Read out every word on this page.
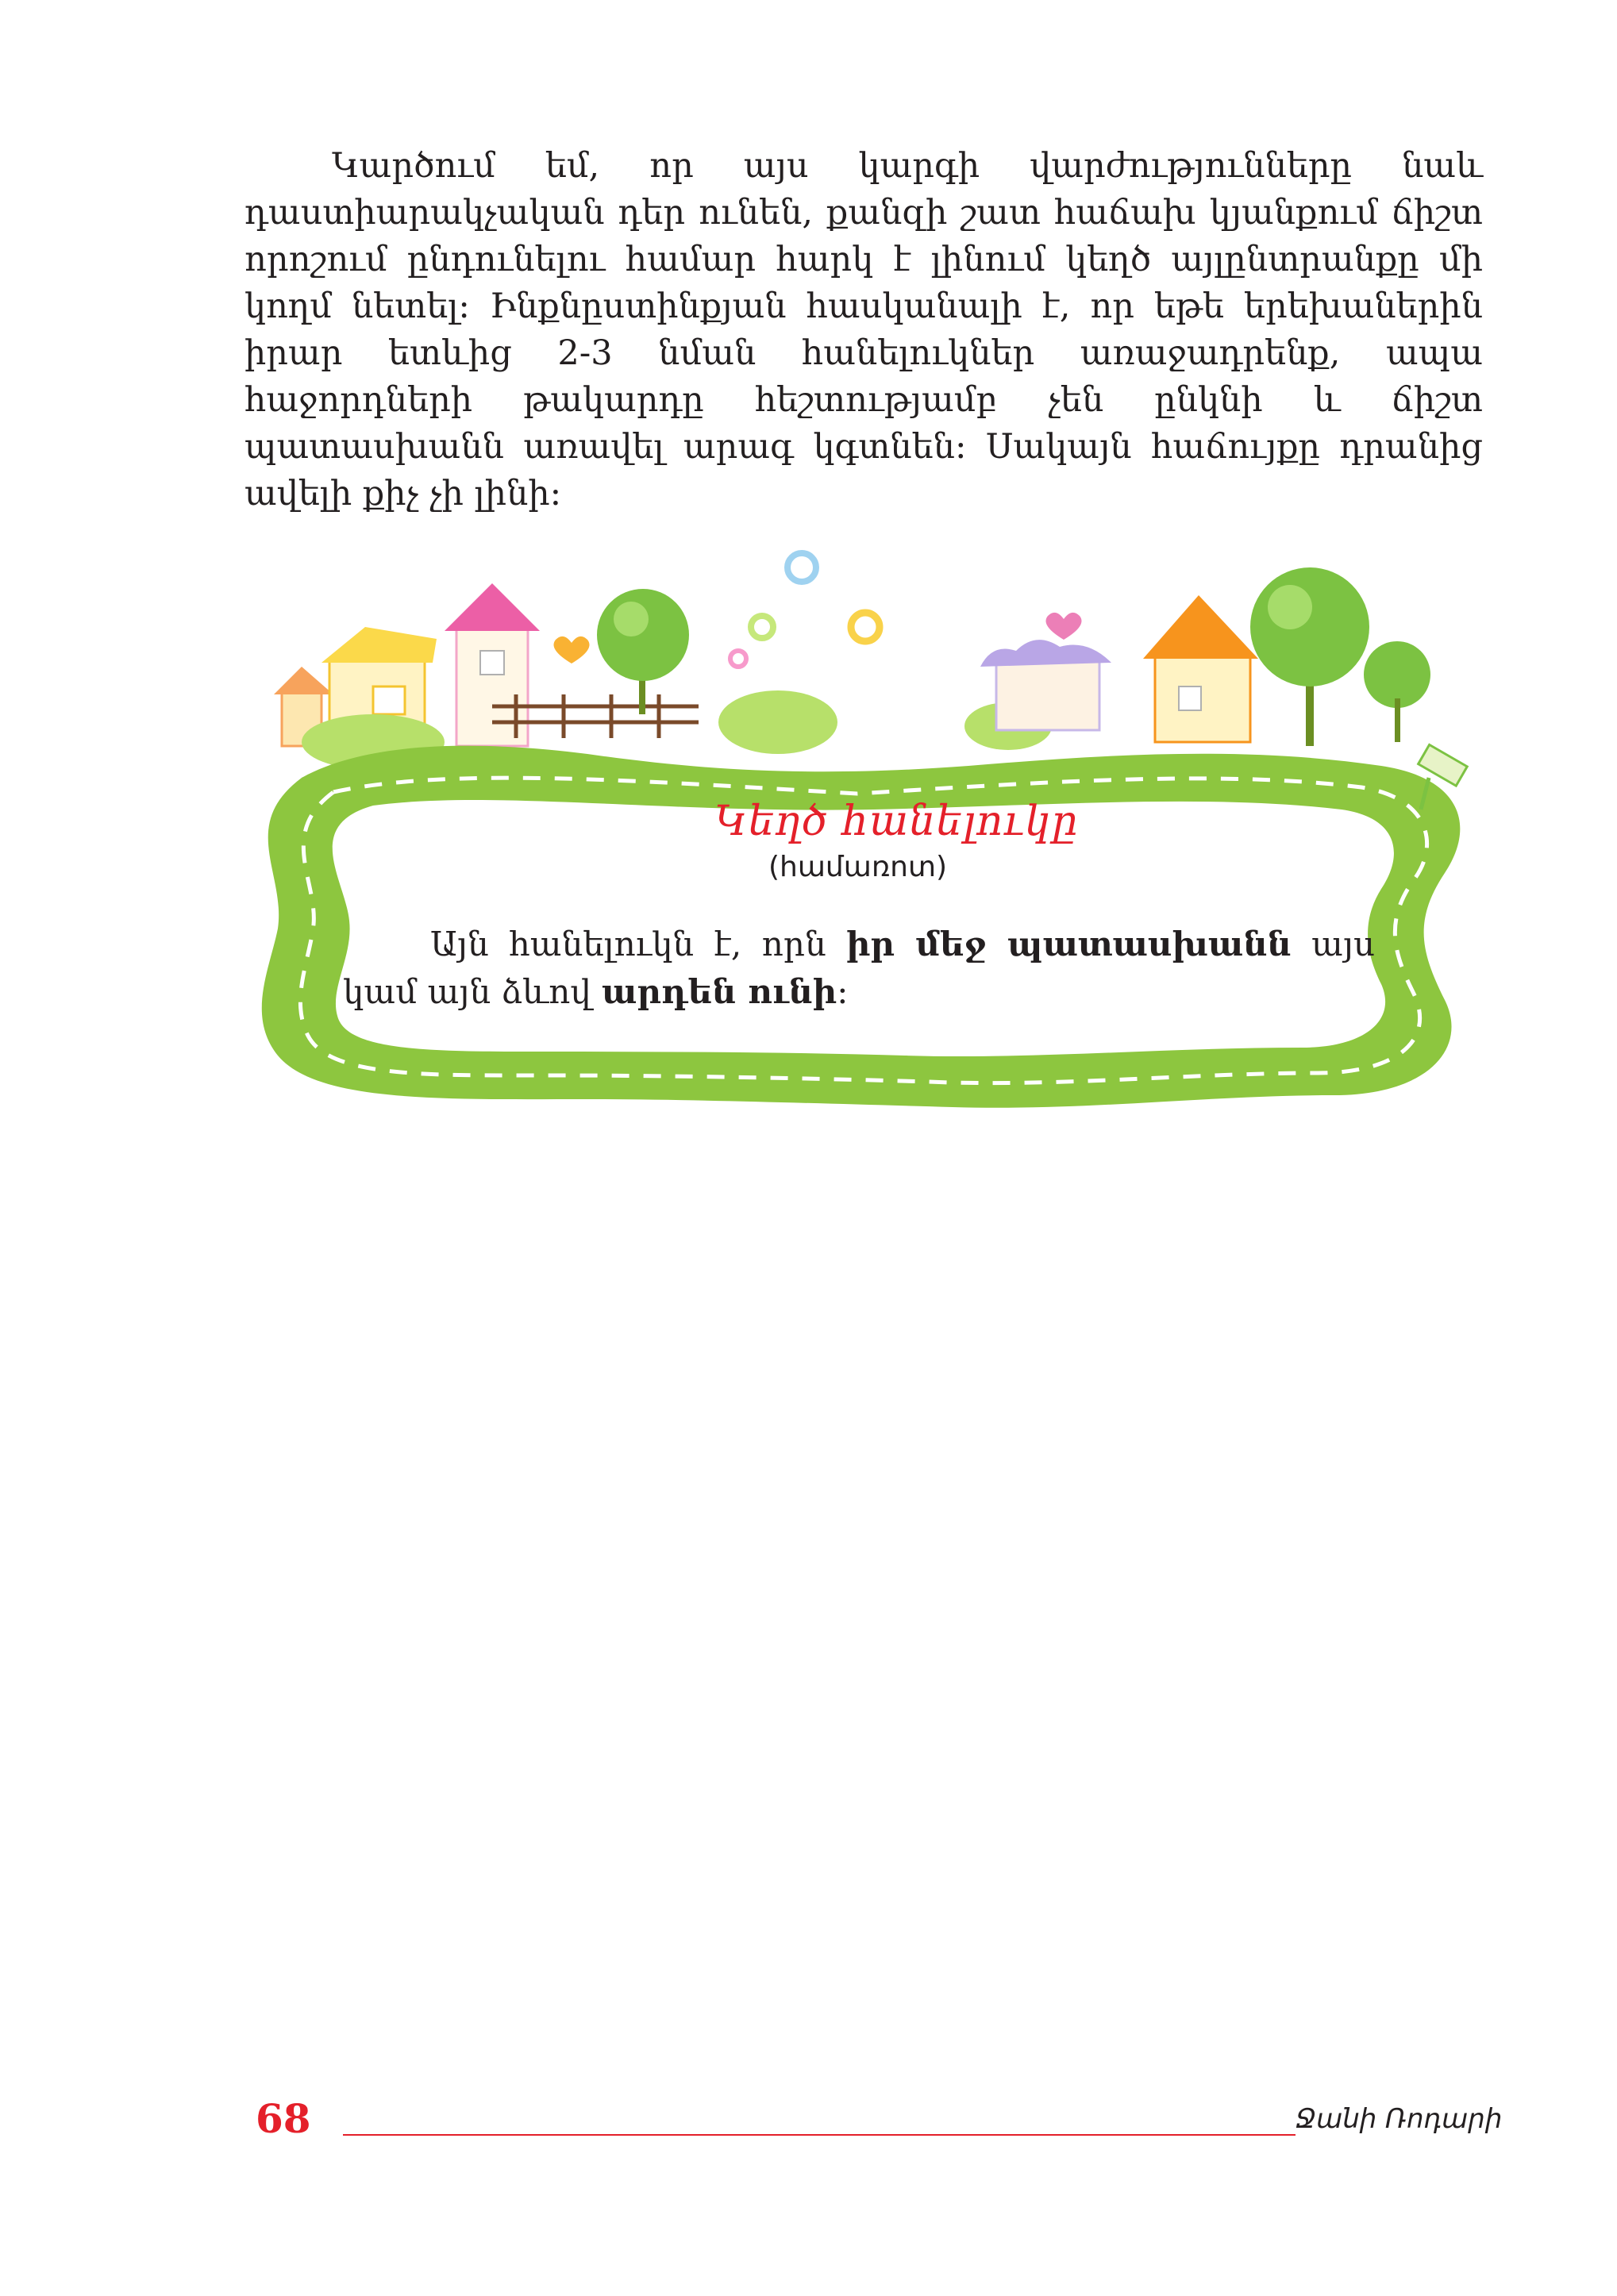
Կարծում եմ, որ այս կարգի վարժությունները նաև դաստիարակչական դեր ունեն, քանզի շատ հաճախ կյանքում ճիշտ որոշում ընդունելու համար հարկ է լինում կեղծ այլընտրանքը մի կողմ նետել։ Ինքնըստինքյան հասկանալի է, որ եթե երեխաներին իրար ետևից 2-3 նման հանելուկներ առաջադրենք, ապա հաջորդների թակարդը հեշտությամբ չեն ընկնի և ճիշտ պատասխանն առավել արագ կգտնեն։ Սակայն հաճույքը դրանից ավելի քիչ չի լինի։

Կեղծ հանելուկը
(համառոտ)

Այն հանելուկն է, որն իր մեջ պատասխանն այս կամ այն ձևով արդեն ունի։

68	Ջանի Ռոդարի
